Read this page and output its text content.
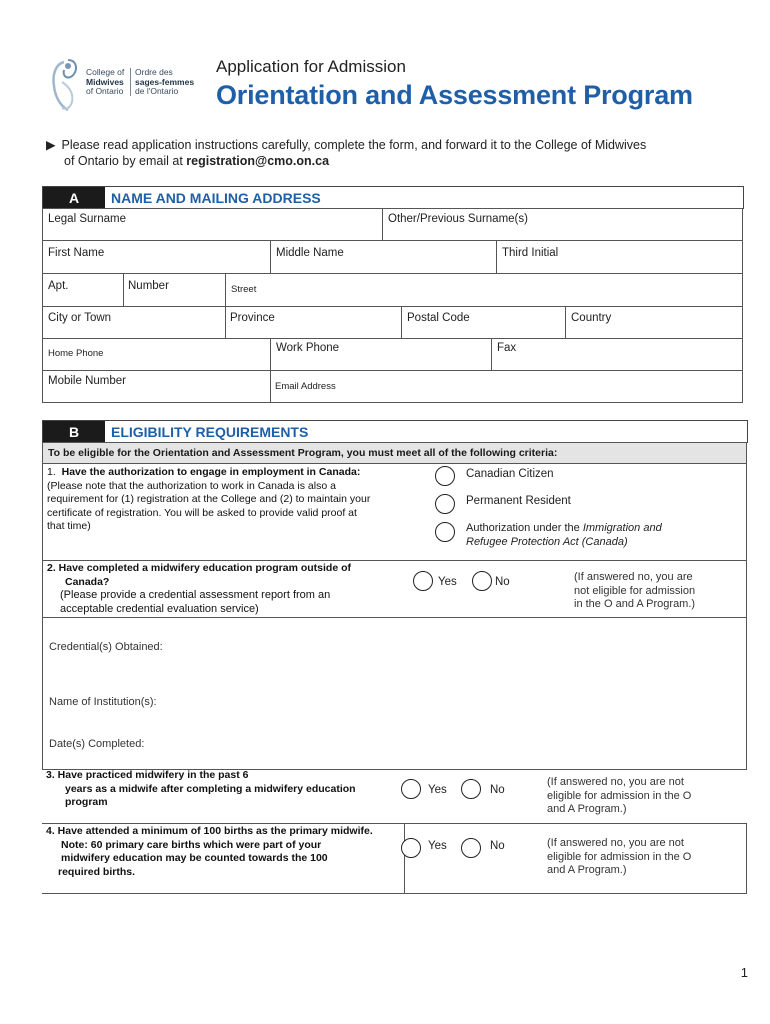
College of
Midwives
of Ontario
Ordre des
sages-femmes
de l'Ontario
Application for Admission
Orientation and Assessment Program
▶ Please read application instructions carefully, complete the form, and forward it to the College of Midwives
of Ontario by email at registration@cmo.on.ca
A	NAME AND MAILING ADDRESS
Legal Surname	Other/Previous Surname(s)
First Name	Middle Name	Third Initial
Apt.	Number	Street
City or Town	Province	Postal Code	Country
Home Phone	Work Phone	Fax
Mobile Number	Email Address
B	ELIGIBILITY REQUIREMENTS
To be eligible for the Orientation and Assessment Program, you must meet all of the following criteria:
1. Have the authorization to engage in employment in Canada:
(Please note that the authorization to work in Canada is also a
requirement for (1) registration at the College and (2) to maintain your
certificate of registration. You will be asked to provide valid proof at
that time)
Canadian Citizen
Permanent Resident
Authorization under the Immigration and
Refugee Protection Act (Canada)
2. Have completed a midwifery education program outside of
Canada?
(Please provide a credential assessment report from an
acceptable credential evaluation service)
Yes	No	(If answered no, you are
not eligible for admission
in the O and A Program.)
Credential(s) Obtained:
Name of Institution(s):
Date(s) Completed:
3. Have practiced midwifery in the past 6
years as a midwife after completing a midwifery education
program
Yes	No
(If answered no, you are not
eligible for admission in the O
and A Program.)
4. Have attended a minimum of 100 births as the primary midwife.
Note: 60 primary care births which were part of your
midwifery education may be counted towards the 100
required births.
Yes	No	(If answered no, you are not
eligible for admission in the O
and A Program.)
1
